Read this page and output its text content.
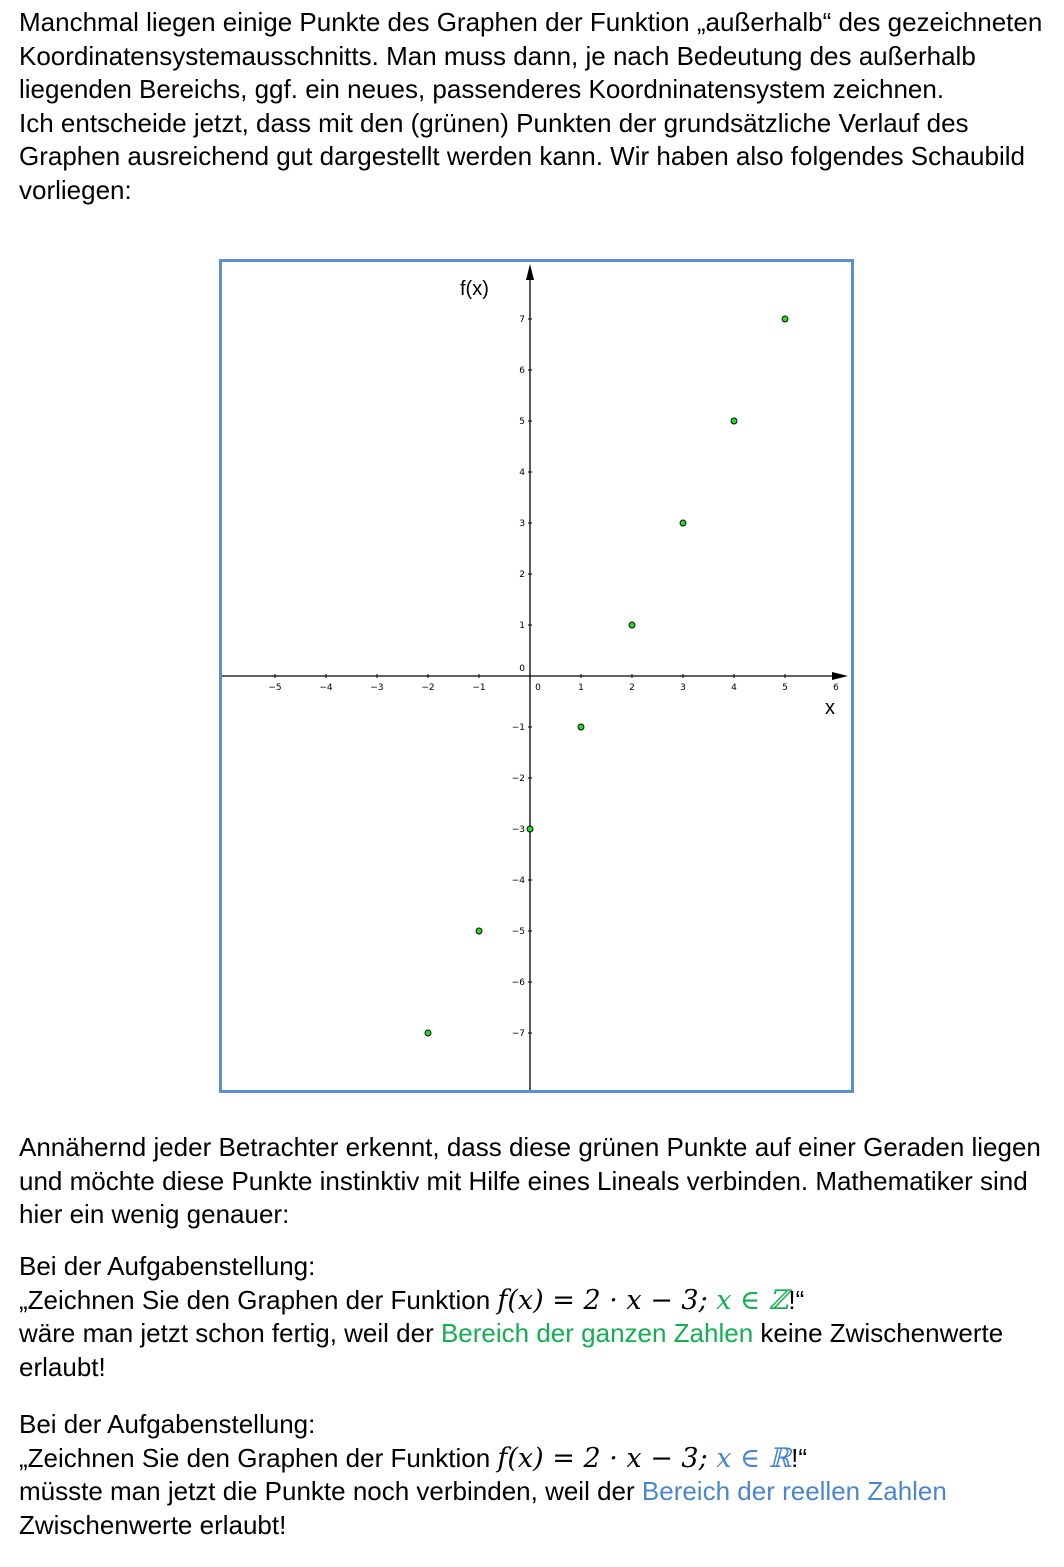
Manchmal liegen einige Punkte des Graphen der Funktion „außerhalb“ des gezeichneten Koordinatensystemausschnitts. Man muss dann, je nach Bedeutung des außerhalb liegenden Bereichs, ggf. ein neues, passenderes Koordninatensystem zeichnen.

Ich entscheide jetzt, dass mit den (grünen) Punkten der grundsätzliche Verlauf des Graphen ausreichend gut dargestellt werden kann. Wir haben also folgendes Schaubild vorliegen:

−5	−4	−3	−2	−1	0	1	2	3	4	5	6
−7
−6
−5
−4
−3
−2
−1
0
1
2
3
4
5
6
7
f(x)
x

Annähernd jeder Betrachter erkennt, dass diese grünen Punkte auf einer Geraden liegen und möchte diese Punkte instinktiv mit Hilfe eines Lineals verbinden. Mathematiker sind hier ein wenig genauer:

Bei der Aufgabenstellung:

„Zeichnen Sie den Graphen der Funktion f(x) = 2 · x − 3; x ∈ ℤ!“

wäre man jetzt schon fertig, weil der Bereich der ganzen Zahlen keine Zwischenwerte erlaubt!

Bei der Aufgabenstellung:

„Zeichnen Sie den Graphen der Funktion f(x) = 2 · x − 3; x ∈ ℝ!“

müsste man jetzt die Punkte noch verbinden, weil der Bereich der reellen Zahlen Zwischenwerte erlaubt!
